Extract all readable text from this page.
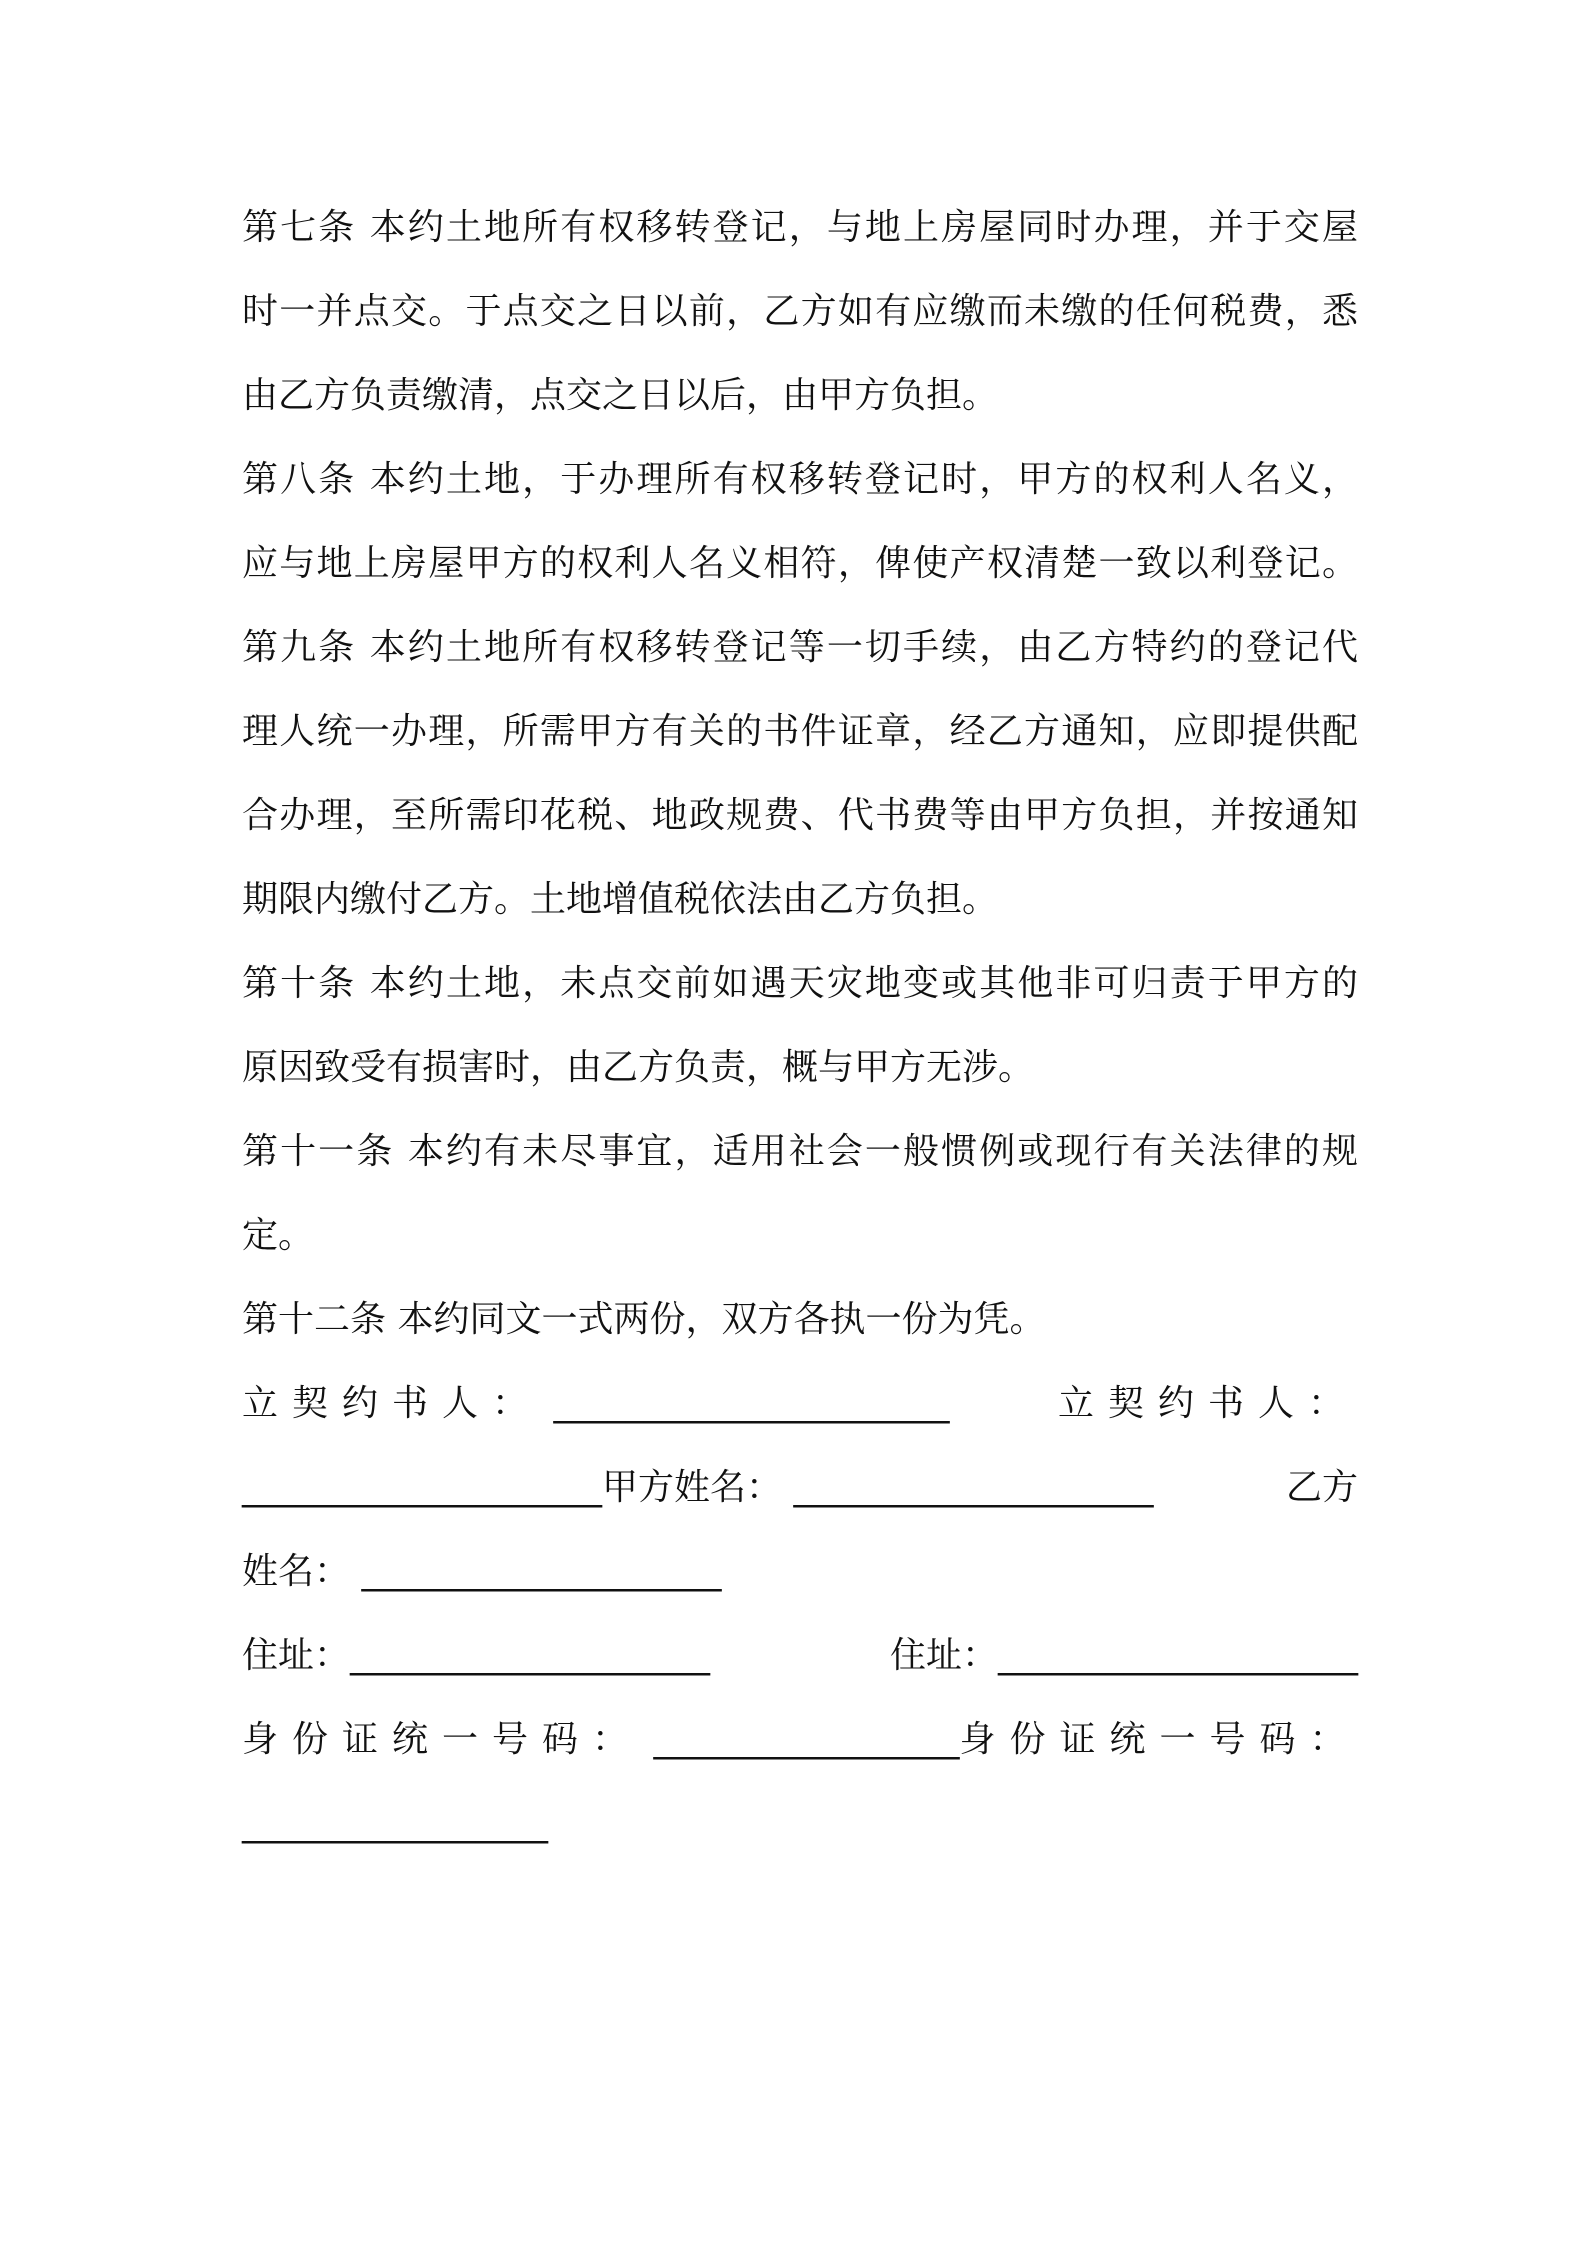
第七条 本约土地所有权移转登记，与地上房屋同时办理，并于交屋
时一并点交。于点交之日以前，乙方如有应缴而未缴的任何税费，悉
由乙方负责缴清，点交之日以后，由甲方负担。
第八条 本约土地，于办理所有权移转登记时，甲方的权利人名义，
应与地上房屋甲方的权利人名义相符，俾使产权清楚一致以利登记。
第九条 本约土地所有权移转登记等一切手续，由乙方特约的登记代
理人统一办理，所需甲方有关的书件证章，经乙方通知，应即提供配
合办理，至所需印花税、地政规费、代书费等由甲方负担，并按通知
期限内缴付乙方。土地增值税依法由乙方负担。
第十条 本约土地，未点交前如遇天灾地变或其他非可归责于甲方的
原因致受有损害时，由乙方负责，概与甲方无涉。
第十一条 本约有未尽事宜，适用社会一般惯例或现行有关法律的规
定。
第十二条 本约同文一式两份，双方各执一份为凭。
立契约书人： ______________________	立契约书人：
____________________甲方姓名： ____________________	乙方
姓名： ____________________
住址：____________________	住址：____________________
身份证统一号码： _________________ 身份证统一号码：
_________________
